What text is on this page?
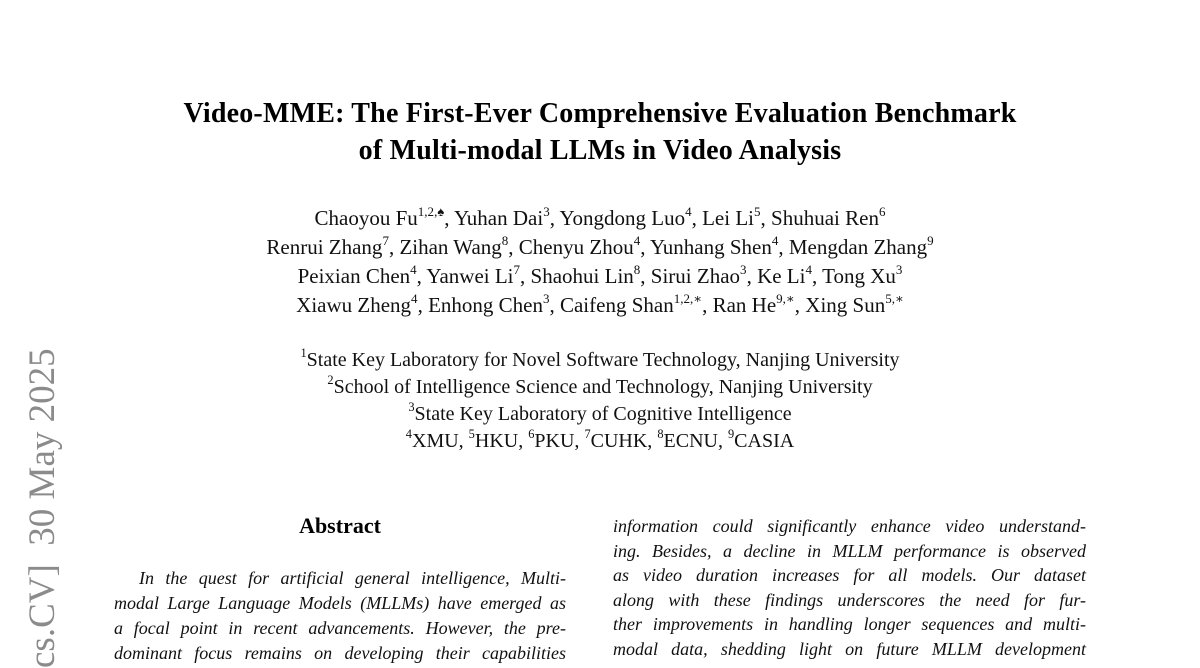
cs.CV]  30 May 2025
Video-MME: The First-Ever Comprehensive Evaluation Benchmark
of Multi-modal LLMs in Video Analysis
Chaoyou $Fu^{1,2,♠}$, Yuhan Dai$^3$, Yongdong Luo$^4$, Lei Li$^5$, Shuhuai Ren$^6$
Renrui Zhang$^7$, Zihan Wang$^8$, Chenyu Zhou$^4$, Yunhang Shen$^4$, Mengdan Zhang$^9$
Peixian Chen$^4$, Yanwei Li$^7$, Shaohui Lin$^8$, Sirui Zhao$^3$, Ke Li$^4$, Tong Xu$^3$
Xiawu Zheng$^4$, Enhong Chen$^3$, Caifeng Shan$^{1,2,∗}$, Ran $He^{9,∗}$, Xing Sun$^{5,∗}$
$^1$State Key Laboratory for Novel Software Technology, Nanjing University
$^2$School of Intelligence Science and Technology, Nanjing University
$^3$State Key Laboratory of Cognitive Intelligence
$^4$XMU, $^5$HKU, $^6$PKU, $^7$CUHK, $^8$ECNU, $^9$CASIA
Abstract
In the quest for artificial general intelligence, Multi-
modal Large Language Models (MLLMs) have emerged as
a focal point in recent advancements. However, the pre-
dominant focus remains on developing their capabilities
information could significantly enhance video understand-
ing. Besides, a decline in MLLM performance is observed
as video duration increases for all models. Our dataset
along with these findings underscores the need for fur-
ther improvements in handling longer sequences and multi-
modal data, shedding light on future MLLM development
